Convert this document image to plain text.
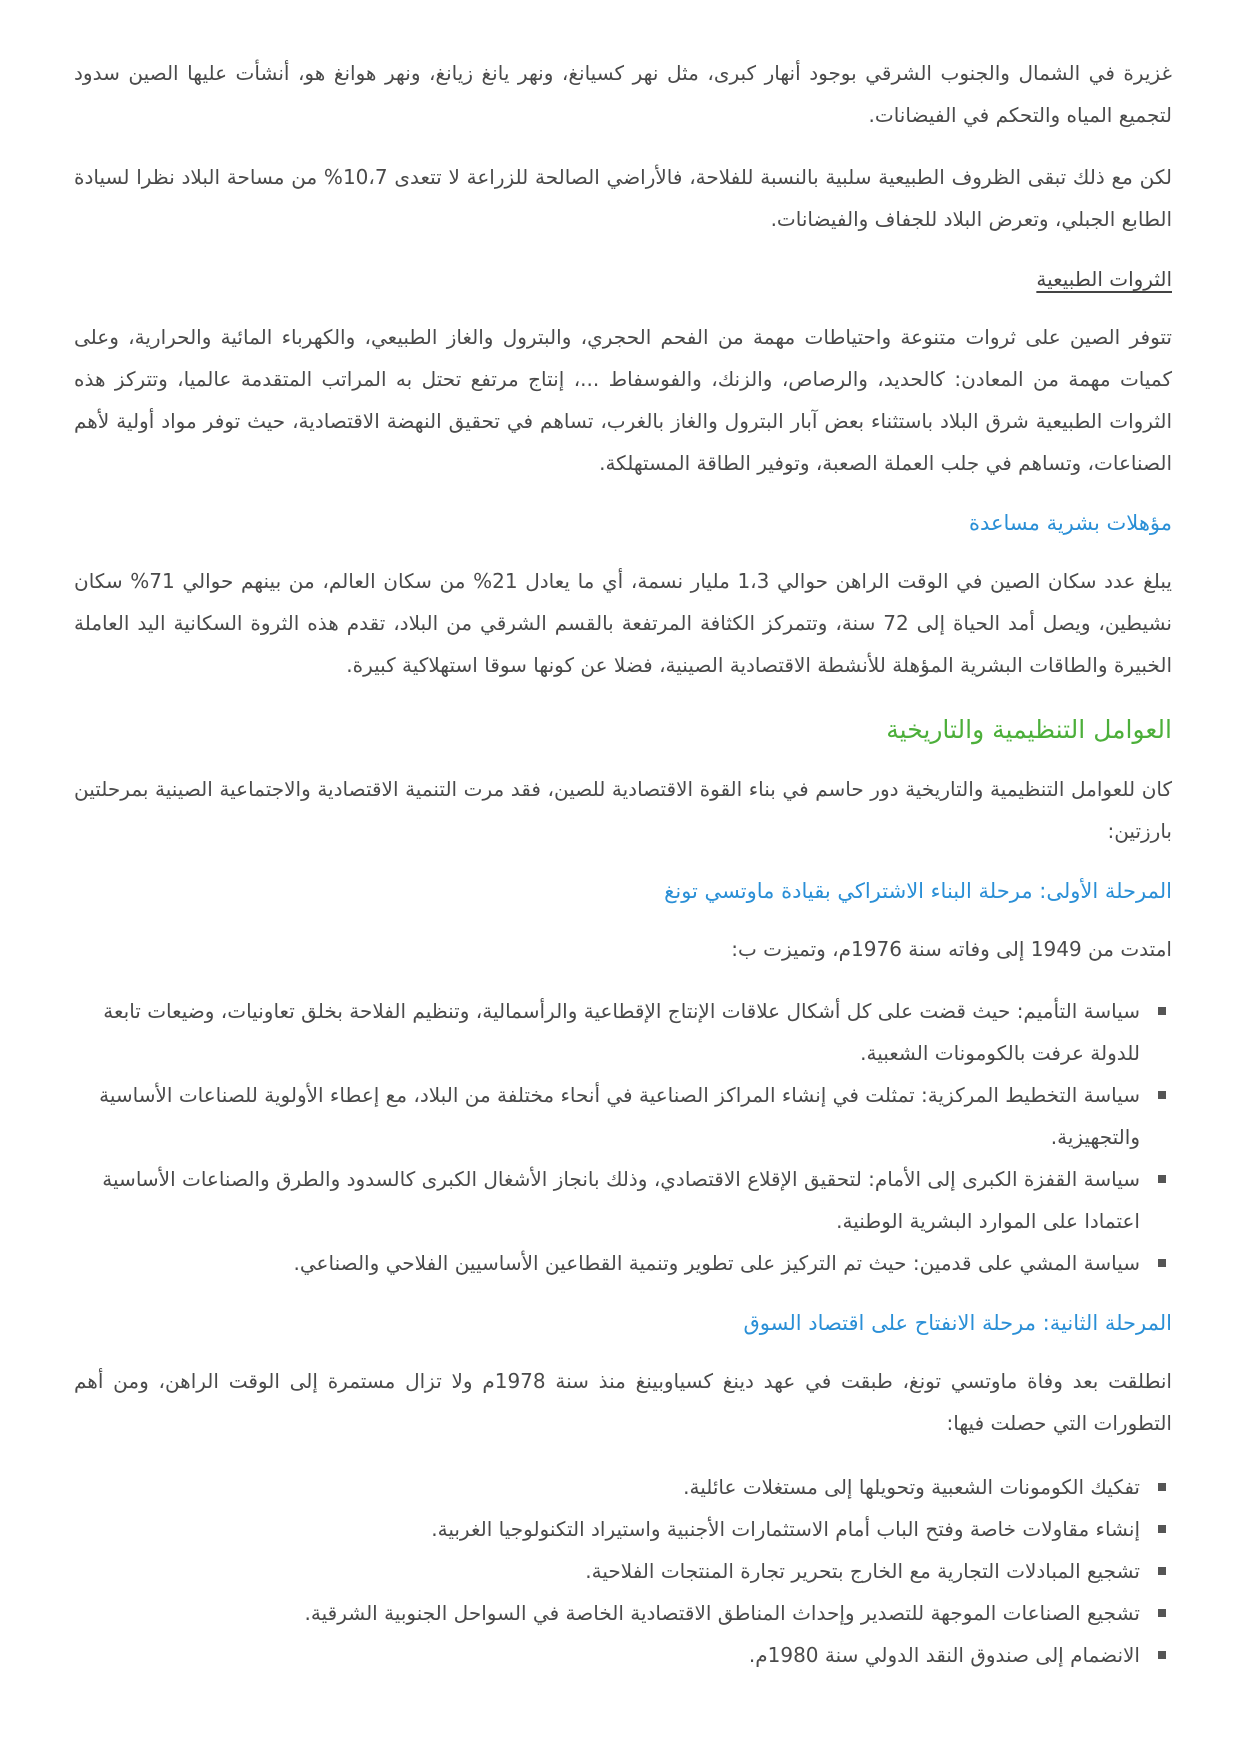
غزيرة في الشمال والجنوب الشرقي بوجود أنهار كبرى، مثل نهر كسيانغ، ونهر يانغ زيانغ، ونهر هوانغ هو، أنشأت عليها الصين سدود لتجميع المياه والتحكم في الفيضانات.

لكن مع ذلك تبقى الظروف الطبيعية سلبية بالنسبة للفلاحة، فالأراضي الصالحة للزراعة لا تتعدى 10،7% من مساحة البلاد نظرا لسيادة الطابع الجبلي، وتعرض البلاد للجفاف والفيضانات.

الثروات الطبيعية

تتوفر الصين على ثروات متنوعة واحتياطات مهمة من الفحم الحجري، والبترول والغاز الطبيعي، والكهرباء المائية والحرارية، وعلى كميات مهمة من المعادن: كالحديد، والرصاص، والزنك، والفوسفاط ...، إنتاج مرتفع تحتل به المراتب المتقدمة عالميا، وتتركز هذه الثروات الطبيعية شرق البلاد باستثناء بعض آبار البترول والغاز بالغرب، تساهم في تحقيق النهضة الاقتصادية، حيث توفر مواد أولية لأهم الصناعات، وتساهم في جلب العملة الصعبة، وتوفير الطاقة المستهلكة.

مؤهلات بشرية مساعدة

يبلغ عدد سكان الصين في الوقت الراهن حوالي 1،3 مليار نسمة، أي ما يعادل 21% من سكان العالم، من بينهم حوالي 71% سكان نشيطين، ويصل أمد الحياة إلى 72 سنة، وتتمركز الكثافة المرتفعة بالقسم الشرقي من البلاد، تقدم هذه الثروة السكانية اليد العاملة الخبيرة والطاقات البشرية المؤهلة للأنشطة الاقتصادية الصينية، فضلا عن كونها سوقا استهلاكية كبيرة.

العوامل التنظيمية والتاريخية

كان للعوامل التنظيمية والتاريخية دور حاسم في بناء القوة الاقتصادية للصين، فقد مرت التنمية الاقتصادية والاجتماعية الصينية بمرحلتين بارزتين:

المرحلة الأولى: مرحلة البناء الاشتراكي بقيادة ماوتسي تونغ

امتدت من 1949 إلى وفاته سنة 1976م، وتميزت ب:

سياسة التأميم: حيث قضت على كل أشكال علاقات الإنتاج الإقطاعية والرأسمالية، وتنظيم الفلاحة بخلق تعاونيات، وضيعات تابعة للدولة عرفت بالكومونات الشعبية.
سياسة التخطيط المركزية: تمثلت في إنشاء المراكز الصناعية في أنحاء مختلفة من البلاد، مع إعطاء الأولوية للصناعات الأساسية والتجهيزية.
سياسة القفزة الكبرى إلى الأمام: لتحقيق الإقلاع الاقتصادي، وذلك بانجاز الأشغال الكبرى كالسدود والطرق والصناعات الأساسية اعتمادا على الموارد البشرية الوطنية.
سياسة المشي على قدمين: حيث تم التركيز على تطوير وتنمية القطاعين الأساسيين الفلاحي والصناعي.
المرحلة الثانية: مرحلة الانفتاح على اقتصاد السوق

انطلقت بعد وفاة ماوتسي تونغ، طبقت في عهد دينغ كسياوبينغ منذ سنة 1978م ولا تزال مستمرة إلى الوقت الراهن، ومن أهم التطورات التي حصلت فيها:

تفكيك الكومونات الشعبية وتحويلها إلى مستغلات عائلية.
إنشاء مقاولات خاصة وفتح الباب أمام الاستثمارات الأجنبية واستيراد التكنولوجيا الغربية.
تشجيع المبادلات التجارية مع الخارج بتحرير تجارة المنتجات الفلاحية.
تشجيع الصناعات الموجهة للتصدير وإحداث المناطق الاقتصادية الخاصة في السواحل الجنوبية الشرقية.
الانضمام إلى صندوق النقد الدولي سنة 1980م.
